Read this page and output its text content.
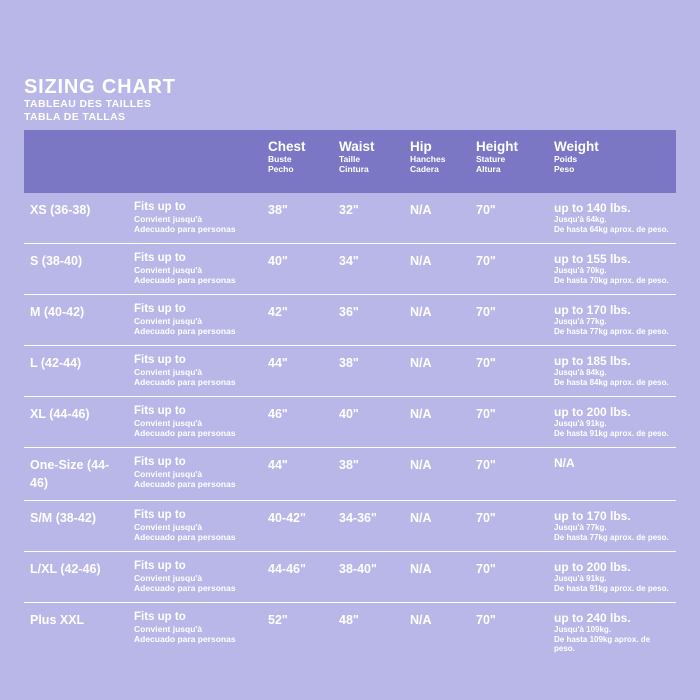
SIZING CHART
TABLEAU DES TAILLES
TABLA DE TALLAS

		Chest
Buste
Pecho	Waist
Taille
Cintura	Hip
Hanches
Cadera	Height
Stature
Altura	Weight
Poids
Peso

XS (36-38)	Fits up to
Convient jusqu'à
Adecuado para personas	38"	32"	N/A	70"	up to 140 lbs.
Jusqu'à 64kg.
De hasta 64kg aprox. de peso.

S (38-40)	Fits up to
Convient jusqu'à
Adecuado para personas	40"	34"	N/A	70"	up to 155 lbs.
Jusqu'à 70kg.
De hasta 70kg aprox. de peso.

M (40-42)	Fits up to
Convient jusqu'à
Adecuado para personas	42"	36"	N/A	70"	up to 170 lbs.
Jusqu'à 77kg.
De hasta 77kg aprox. de peso.

L (42-44)	Fits up to
Convient jusqu'à
Adecuado para personas	44"	38"	N/A	70"	up to 185 lbs.
Jusqu'à 84kg.
De hasta 84kg aprox. de peso.

XL (44-46)	Fits up to
Convient jusqu'à
Adecuado para personas	46"	40"	N/A	70"	up to 200 lbs.
Jusqu'à 91kg.
De hasta 91kg aprox. de peso.

One-Size (44-46)	Fits up to
Convient jusqu'à
Adecuado para personas	44"	38"	N/A	70"	N/A

S/M (38-42)	Fits up to
Convient jusqu'à
Adecuado para personas	40-42"	34-36"	N/A	70"	up to 170 lbs.
Jusqu'à 77kg.
De hasta 77kg aprox. de peso.

L/XL (42-46)	Fits up to
Convient jusqu'à
Adecuado para personas	44-46"	38-40"	N/A	70"	up to 200 lbs.
Jusqu'à 91kg.
De hasta 91kg aprox. de peso.

Plus XXL	Fits up to
Convient jusqu'à
Adecuado para personas	52"	48"	N/A	70"	up to 240 lbs.
Jusqu'à 109kg.
De hasta 109kg aprox. de peso.
